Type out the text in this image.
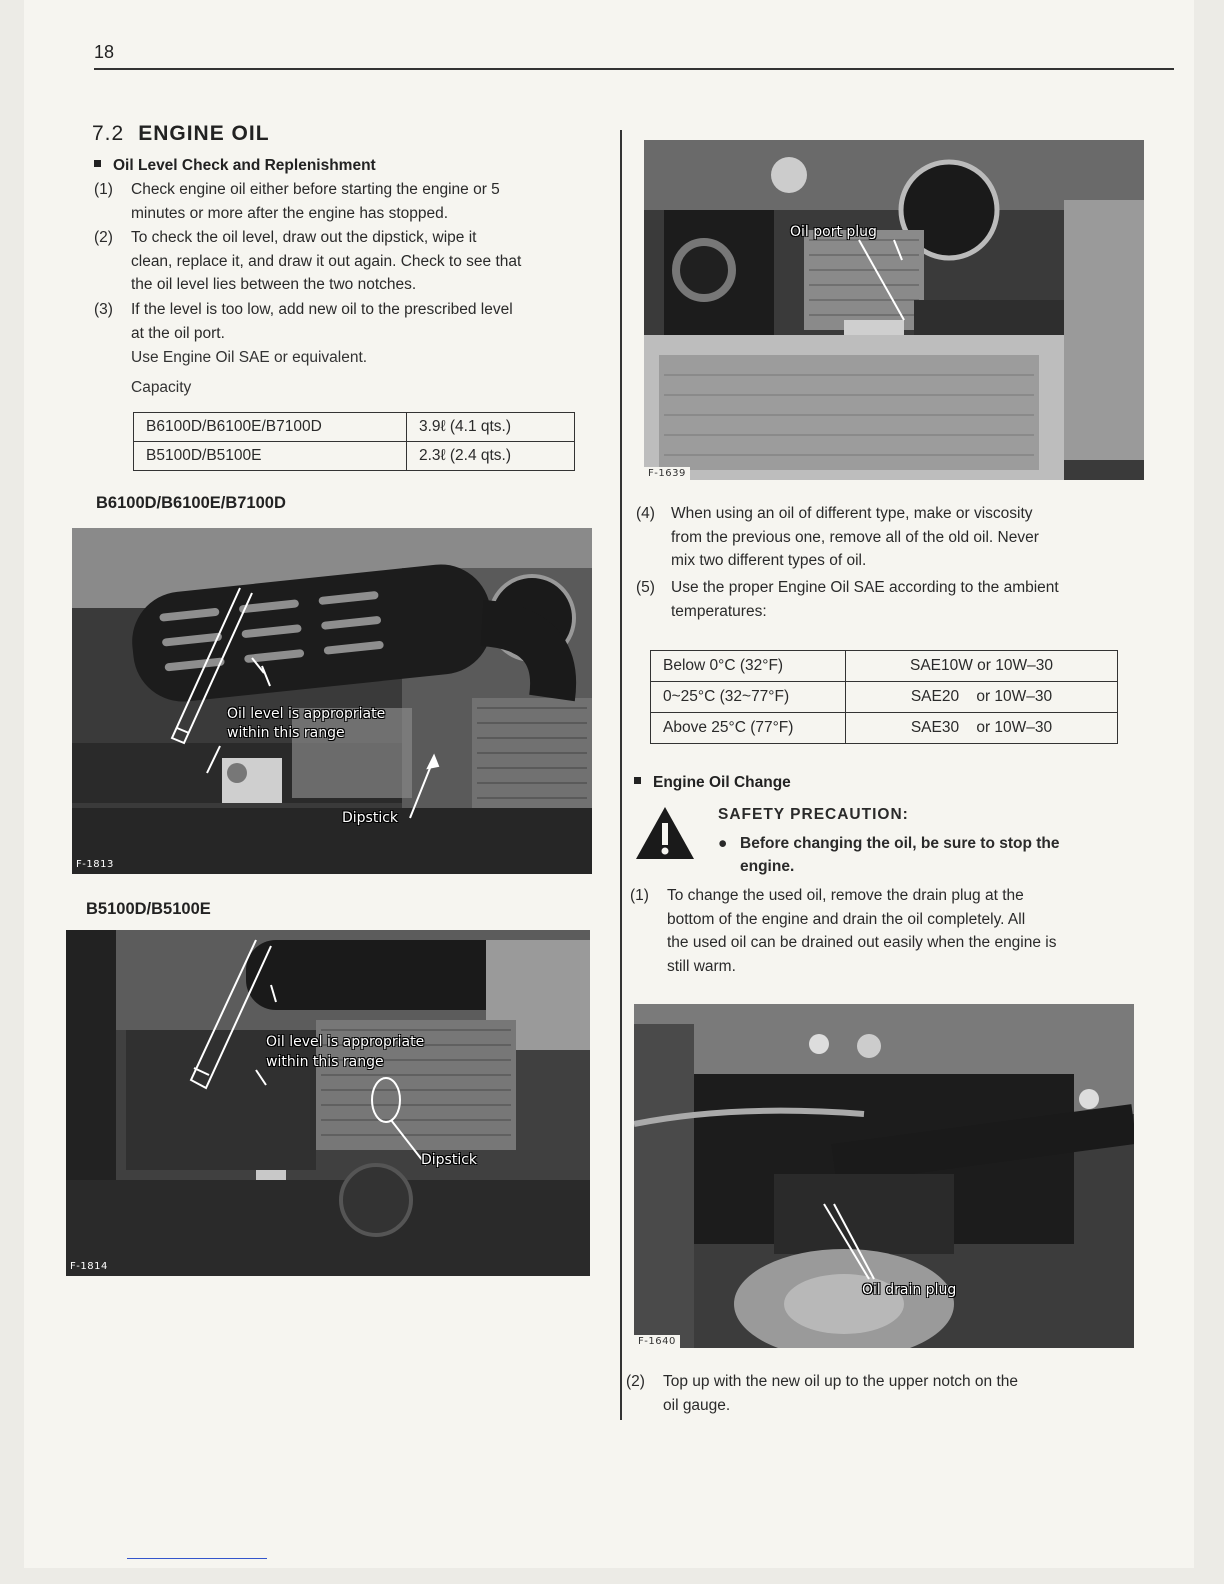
18
7.2 ENGINE OIL
Oil Level Check and Replenishment
(1) Check engine oil either before starting the engine or 5
minutes or more after the engine has stopped.
(2) To check the oil level, draw out the dipstick, wipe it
clean, replace it, and draw it out again. Check to see that
the oil level lies between the two notches.
(3) If the level is too low, add new oil to the prescribed level
at the oil port.
Use Engine Oil SAE or equivalent.
Capacity
B6100D/B6100E/B7100D	3.9ℓ (4.1 qts.)
B5100D/B5100E	2.3ℓ (2.4 qts.)
B6100D/B6100E/B7100D
Oil level is appropriate
within this range
Dipstick
F-1813
B5100D/B5100E
Oil level is appropriate
within this range
Dipstick
F-1814
Oil port plug
F-1639
(4) When using an oil of different type, make or viscosity
from the previous one, remove all of the old oil. Never
mix two different types of oil.
(5) Use the proper Engine Oil SAE according to the ambient
temperatures:
Below 0°C (32°F)	SAE10W or 10W–30
0~25°C (32~77°F)	SAE20    or 10W–30
Above 25°C (77°F)	SAE30    or 10W–30
Engine Oil Change
SAFETY PRECAUTION:
● Before changing the oil, be sure to stop the
engine.
(1) To change the used oil, remove the drain plug at the
bottom of the engine and drain the oil completely. All
the used oil can be drained out easily when the engine is
still warm.
Oil drain plug
F-1640
(2) Top up with the new oil up to the upper notch on the
oil gauge.
